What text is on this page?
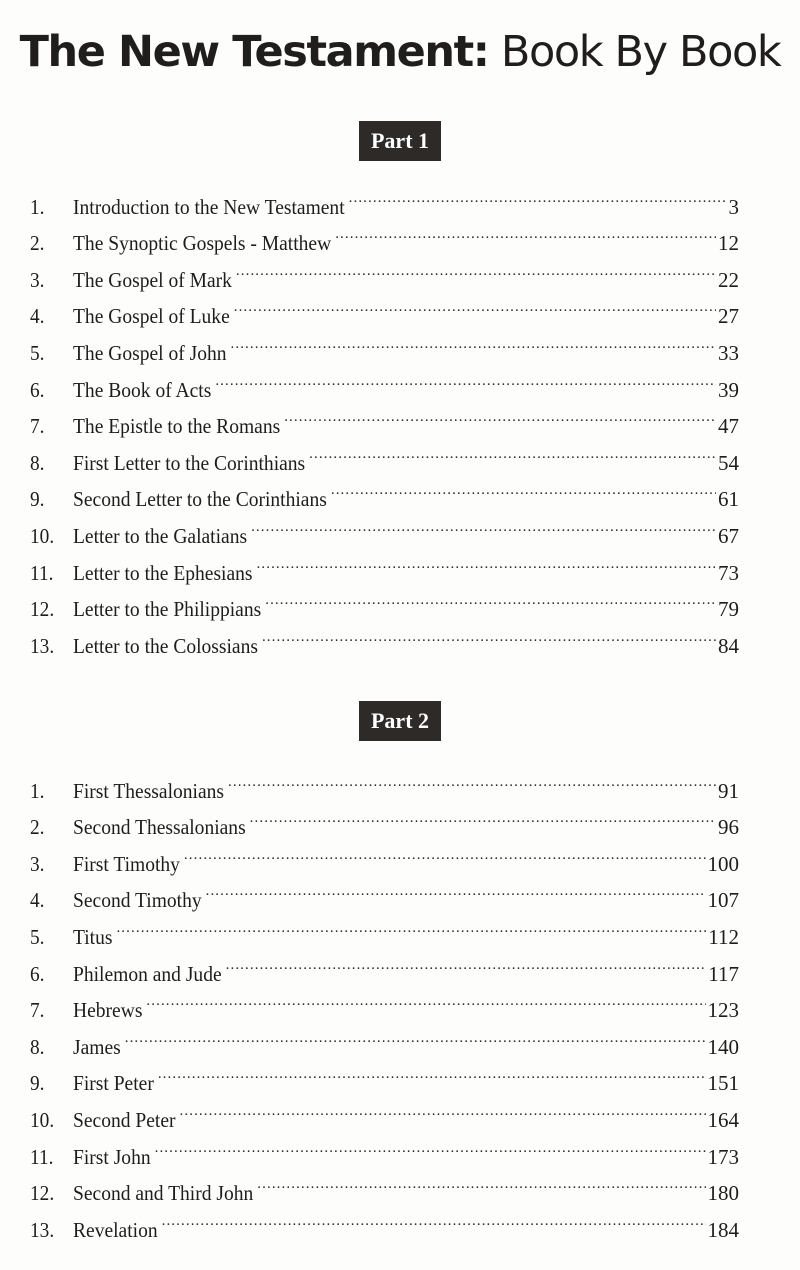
The New Testament: Book By Book
Part 1
1.	Introduction to the New Testament .....	3
2.	The Synoptic Gospels - Matthew .....	12
3.	The Gospel of Mark .....	22
4.	The Gospel of Luke .....	27
5.	The Gospel of John .....	33
6.	The Book of Acts .....	39
7.	The Epistle to the Romans .....	47
8.	First Letter to the Corinthians .....	54
9.	Second Letter to the Corinthians .....	61
10. Letter to the Galatians .....	67
11. Letter to the Ephesians .....	73
12. Letter to the Philippians .....	79
13. Letter to the Colossians .....	84
Part 2
1.	First Thessalonians .....	91
2.	Second Thessalonians .....	96
3.	First Timothy .....	100
4.	Second Timothy .....	107
5.	Titus .....	112
6.	Philemon and Jude .....	117
7.	Hebrews .....	123
8.	James .....	140
9.	First Peter .....	151
10. Second Peter .....	164
11. First John .....	173
12. Second and Third John .....	180
13. Revelation .....	184
